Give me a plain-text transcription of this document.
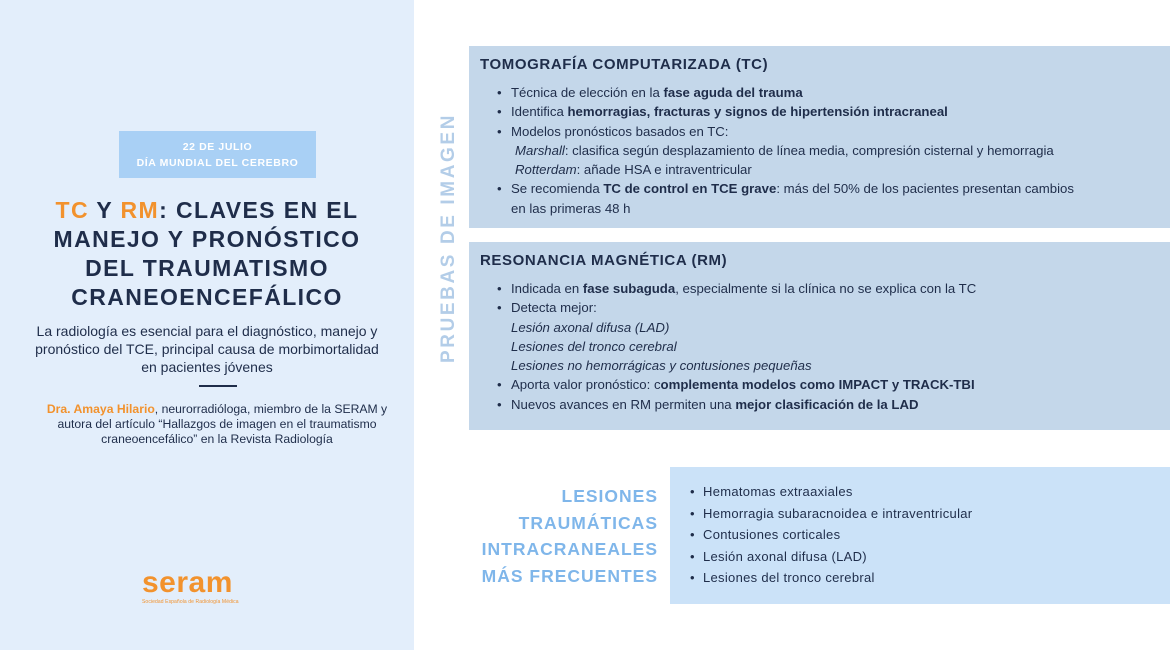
22 DE JULIO
DÍA MUNDIAL DEL CEREBRO
TC Y RM: CLAVES EN EL
MANEJO Y PRONÓSTICO
DEL TRAUMATISMO
CRANEOENCEFÁLICO

La radiología es esencial para el diagnóstico, manejo y pronóstico del TCE, principal causa de morbimortalidad en pacientes jóvenes

Dra. Amaya Hilario, neurorradióloga, miembro de la SERAM y autora del artículo “Hallazgos de imagen en el traumatismo craneoencefálico” en la Revista Radiología

seram
Sociedad Española de Radiología Médica
PRUEBAS DE IMAGEN
TOMOGRAFÍA COMPUTARIZADA (TC)
• Técnica de elección en la fase aguda del trauma
• Identifica hemorragias, fracturas y signos de hipertensión intracraneal
• Modelos pronósticos basados en TC:
Marshall: clasifica según desplazamiento de línea media, compresión cisternal y hemorragia
Rotterdam: añade HSA e intraventricular
• Se recomienda TC de control en TCE grave: más del 50% de los pacientes presentan cambios
en las primeras 48 h
RESONANCIA MAGNÉTICA (RM)
• Indicada en fase subaguda, especialmente si la clínica no se explica con la TC
• Detecta mejor:
Lesión axonal difusa (LAD)
Lesiones del tronco cerebral
Lesiones no hemorrágicas y contusiones pequeñas
• Aporta valor pronóstico: complementa modelos como IMPACT y TRACK-TBI
• Nuevos avances en RM permiten una mejor clasificación de la LAD
LESIONES
TRAUMÁTICAS
INTRACRANEALES
MÁS FRECUENTES
• Hematomas extraaxiales
• Hemorragia subaracnoidea e intraventricular
• Contusiones corticales
• Lesión axonal difusa (LAD)
• Lesiones del tronco cerebral
